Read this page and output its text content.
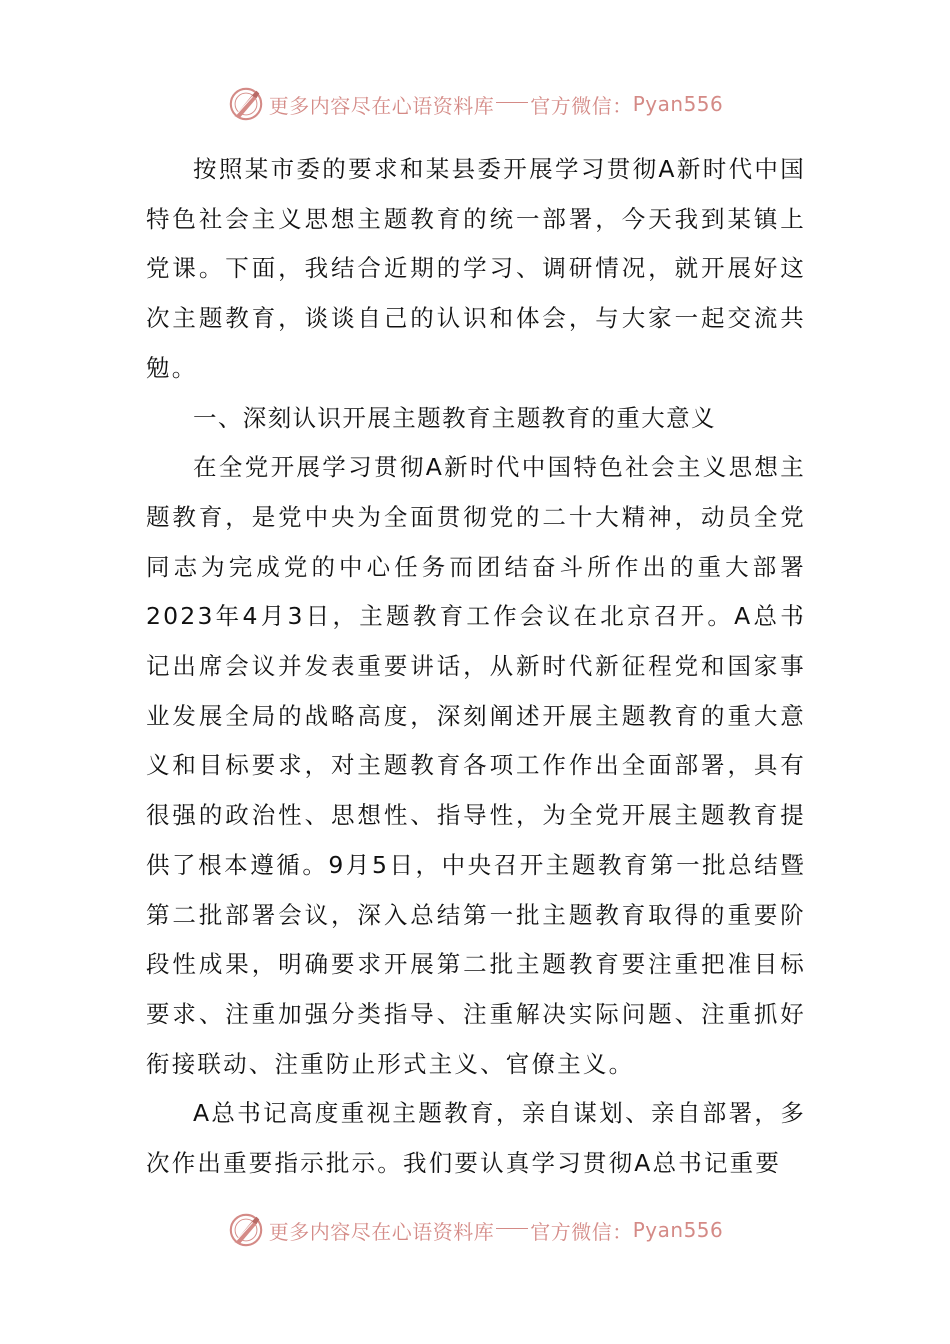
更多内容尽在心语资料库 官方微信： Pyan556

按照某市委的要求和某县委开展学习贯彻A新时代中国特色社会主义思想主题教育的统一部署，今天我到某镇上党课。下面，我结合近期的学习、调研情况，就开展好这次主题教育，谈谈自己的认识和体会，与大家一起交流共勉。

一、深刻认识开展主题教育主题教育的重大意义

在全党开展学习贯彻A新时代中国特色社会主义思想主题教育，是党中央为全面贯彻党的二十大精神，动员全党同志为完成党的中心任务而团结奋斗所作出的重大部署2023年4月3日，主题教育工作会议在北京召开。A总书记出席会议并发表重要讲话，从新时代新征程党和国家事业发展全局的战略高度，深刻阐述开展主题教育的重大意义和目标要求，对主题教育各项工作作出全面部署，具有很强的政治性、思想性、指导性，为全党开展主题教育提供了根本遵循。9月5日，中央召开主题教育第一批总结暨第二批部署会议，深入总结第一批主题教育取得的重要阶段性成果，明确要求开展第二批主题教育要注重把准目标要求、注重加强分类指导、注重解决实际问题、注重抓好衔接联动、注重防止形式主义、官僚主义。

A总书记高度重视主题教育，亲自谋划、亲自部署，多次作出重要指示批示。我们要认真学习贯彻A总书记重要

更多内容尽在心语资料库 官方微信： Pyan556
